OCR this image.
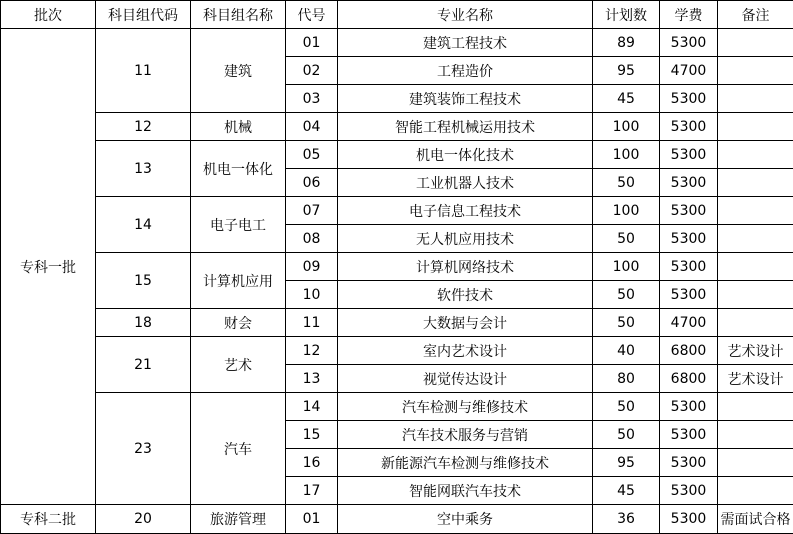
批次	科目组代码	科目组名称	代号	专业名称	计划数	学费	备注
专科一批	11	建筑	01	建筑工程技术	89	5300	
			02	工程造价	95	4700	
			03	建筑装饰工程技术	45	5300	
	12	机械	04	智能工程机械运用技术	100	5300	
	13	机电一体化	05	机电一体化技术	100	5300	
			06	工业机器人技术	50	5300	
	14	电子电工	07	电子信息工程技术	100	5300	
			08	无人机应用技术	50	5300	
	15	计算机应用	09	计算机网络技术	100	5300	
			10	软件技术	50	5300	
	18	财会	11	大数据与会计	50	4700	
	21	艺术	12	室内艺术设计	40	6800	艺术设计
			13	视觉传达设计	80	6800	艺术设计
	23	汽车	14	汽车检测与维修技术	50	5300	
			15	汽车技术服务与营销	50	5300	
			16	新能源汽车检测与维修技术	95	5300	
			17	智能网联汽车技术	45	5300	
专科二批	20	旅游管理	01	空中乘务	36	5300	需面试合格
